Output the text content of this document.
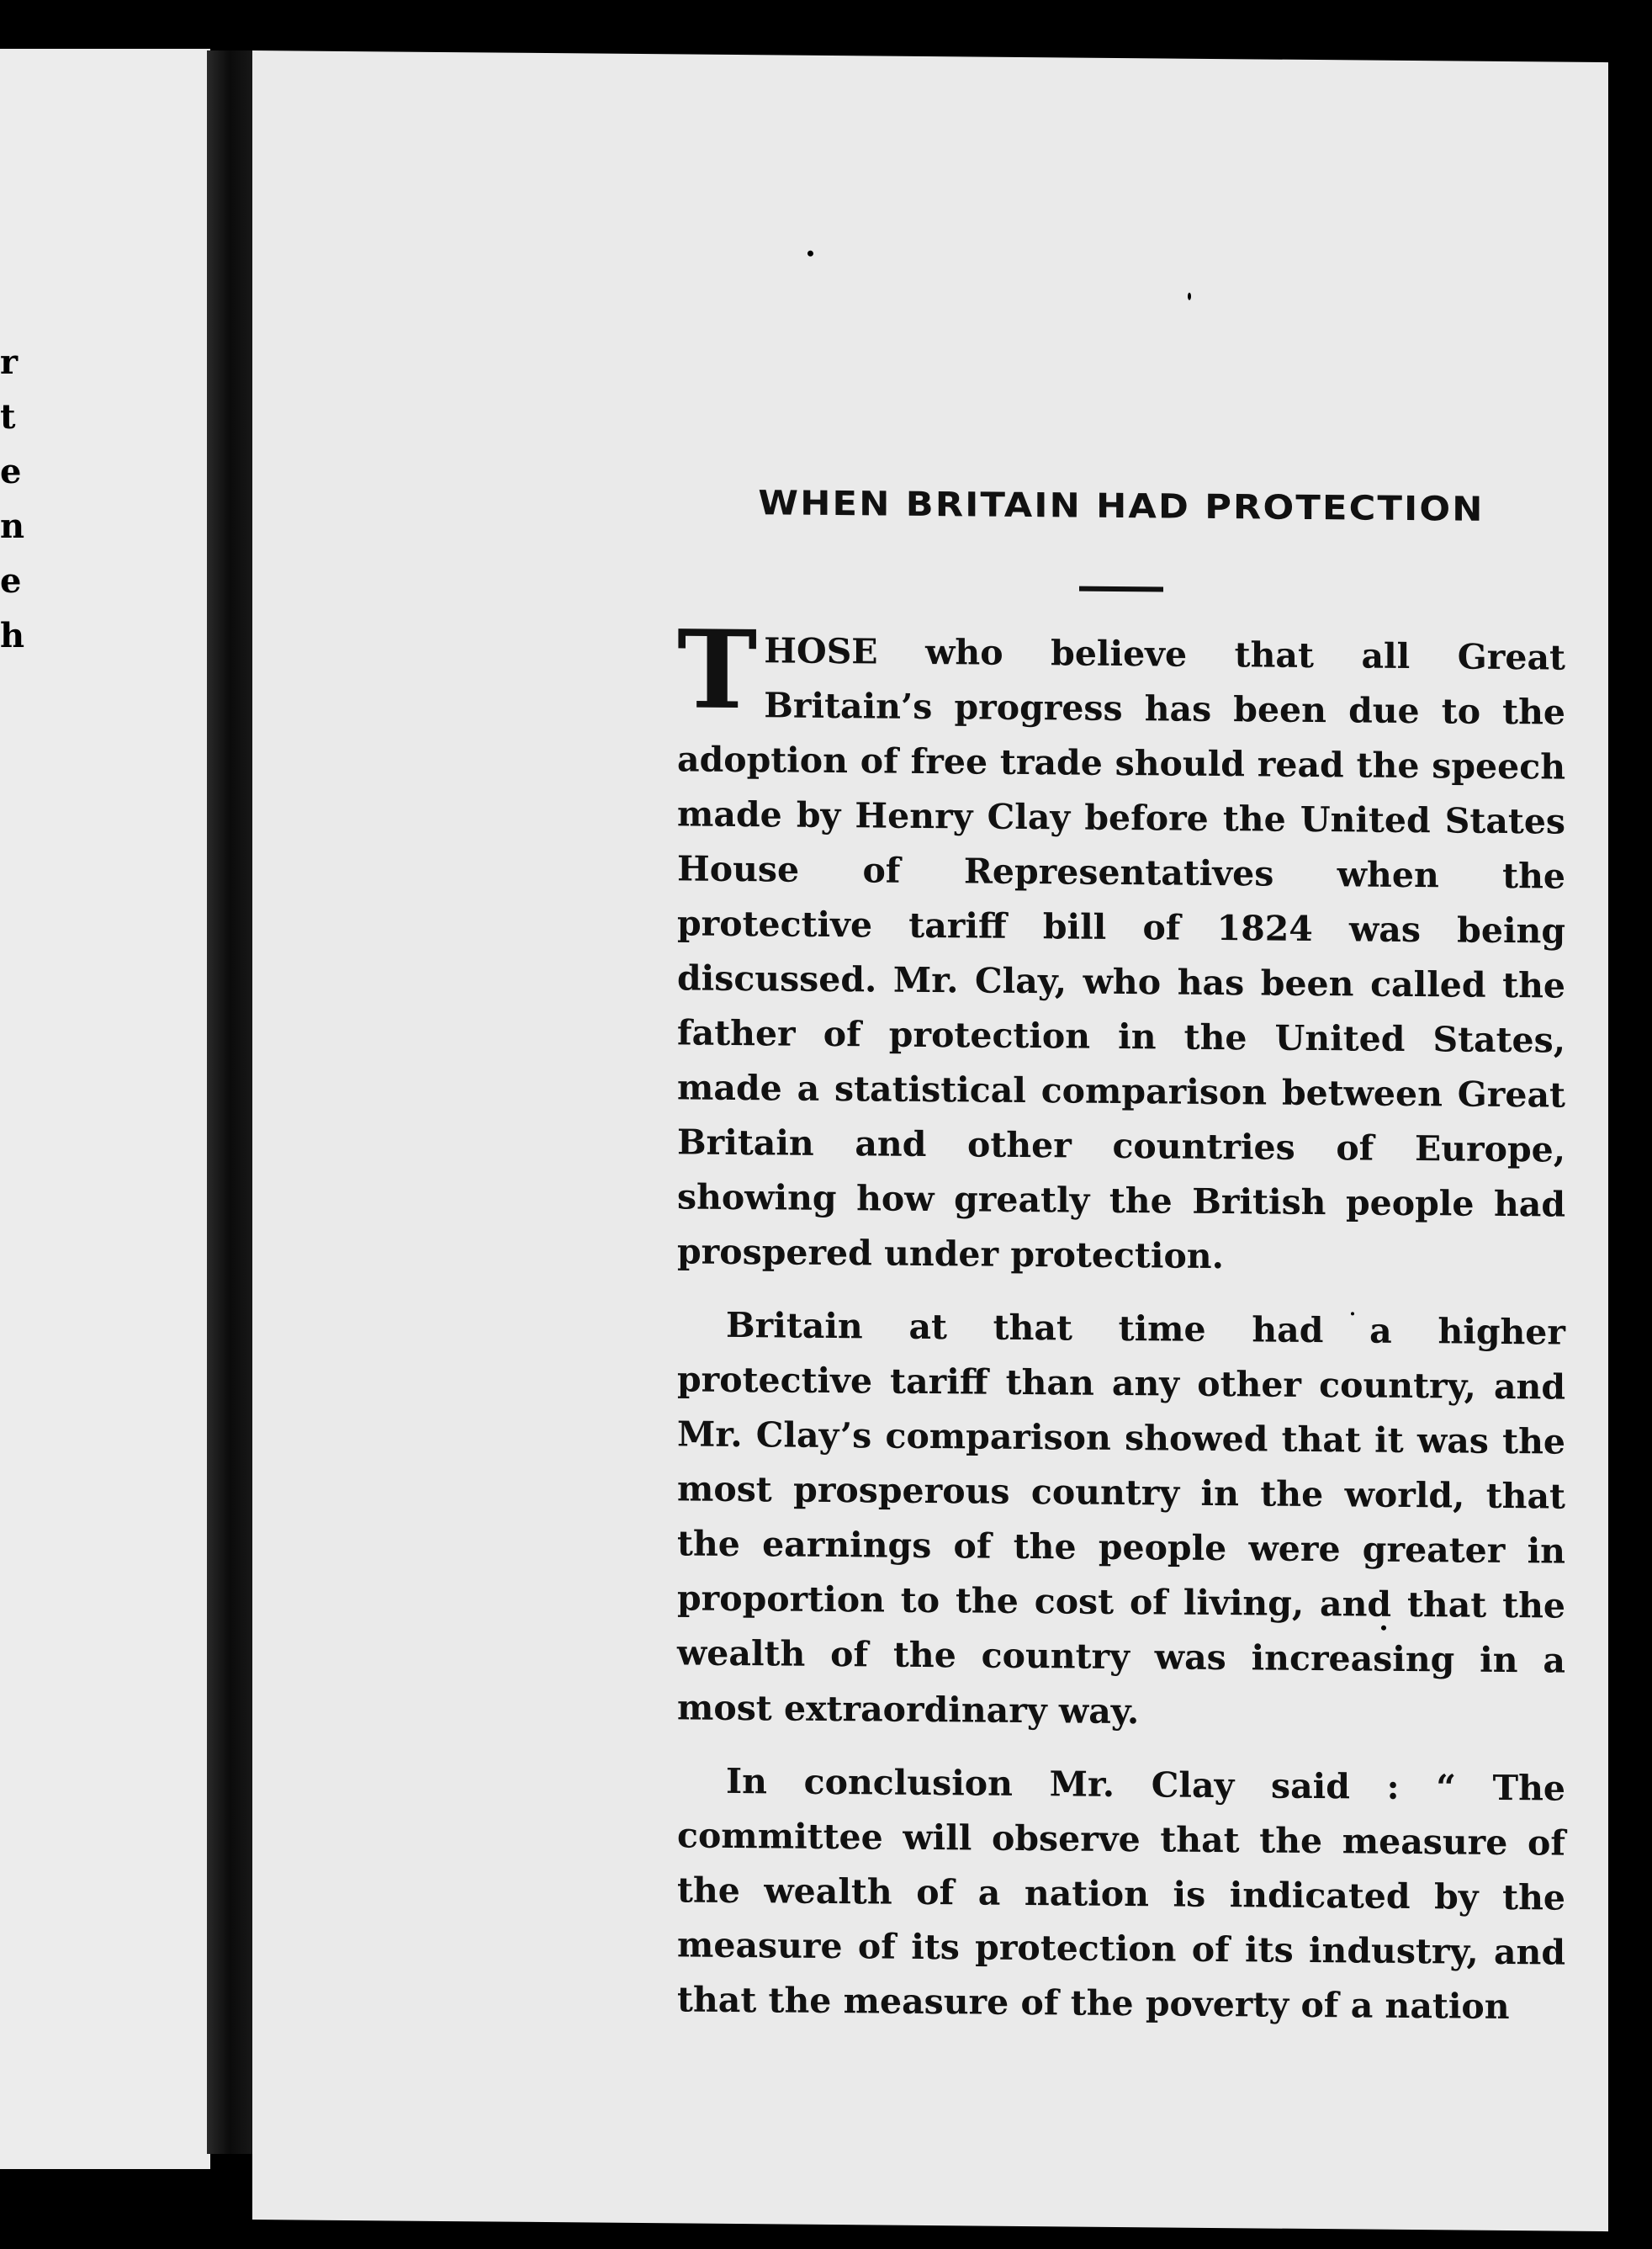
r
t
e
n
e
h
WHEN BRITAIN HAD PROTECTION

THOSE who believe that all Great Britain’s progress has been due to the adoption of free trade should read the speech made by Henry Clay before the United States House of Representatives when the protective tariff bill of 1824 was being discussed. Mr. Clay, who has been called the father of protection in the United States, made a statistical comparison between Great Britain and other countries of Europe, showing how greatly the British people had prospered under protection.

Britain at that time had a higher protective tariff than any other country, and Mr. Clay’s comparison showed that it was the most prosperous country in the world, that the earnings of the people were greater in proportion to the cost of living, and that the wealth of the country was increasing in a most extraordinary way.

In conclusion Mr. Clay said : “ The committee will observe that the measure of the wealth of a nation is indicated by the measure of its protection of its industry, and that the measure of the poverty of a nation
